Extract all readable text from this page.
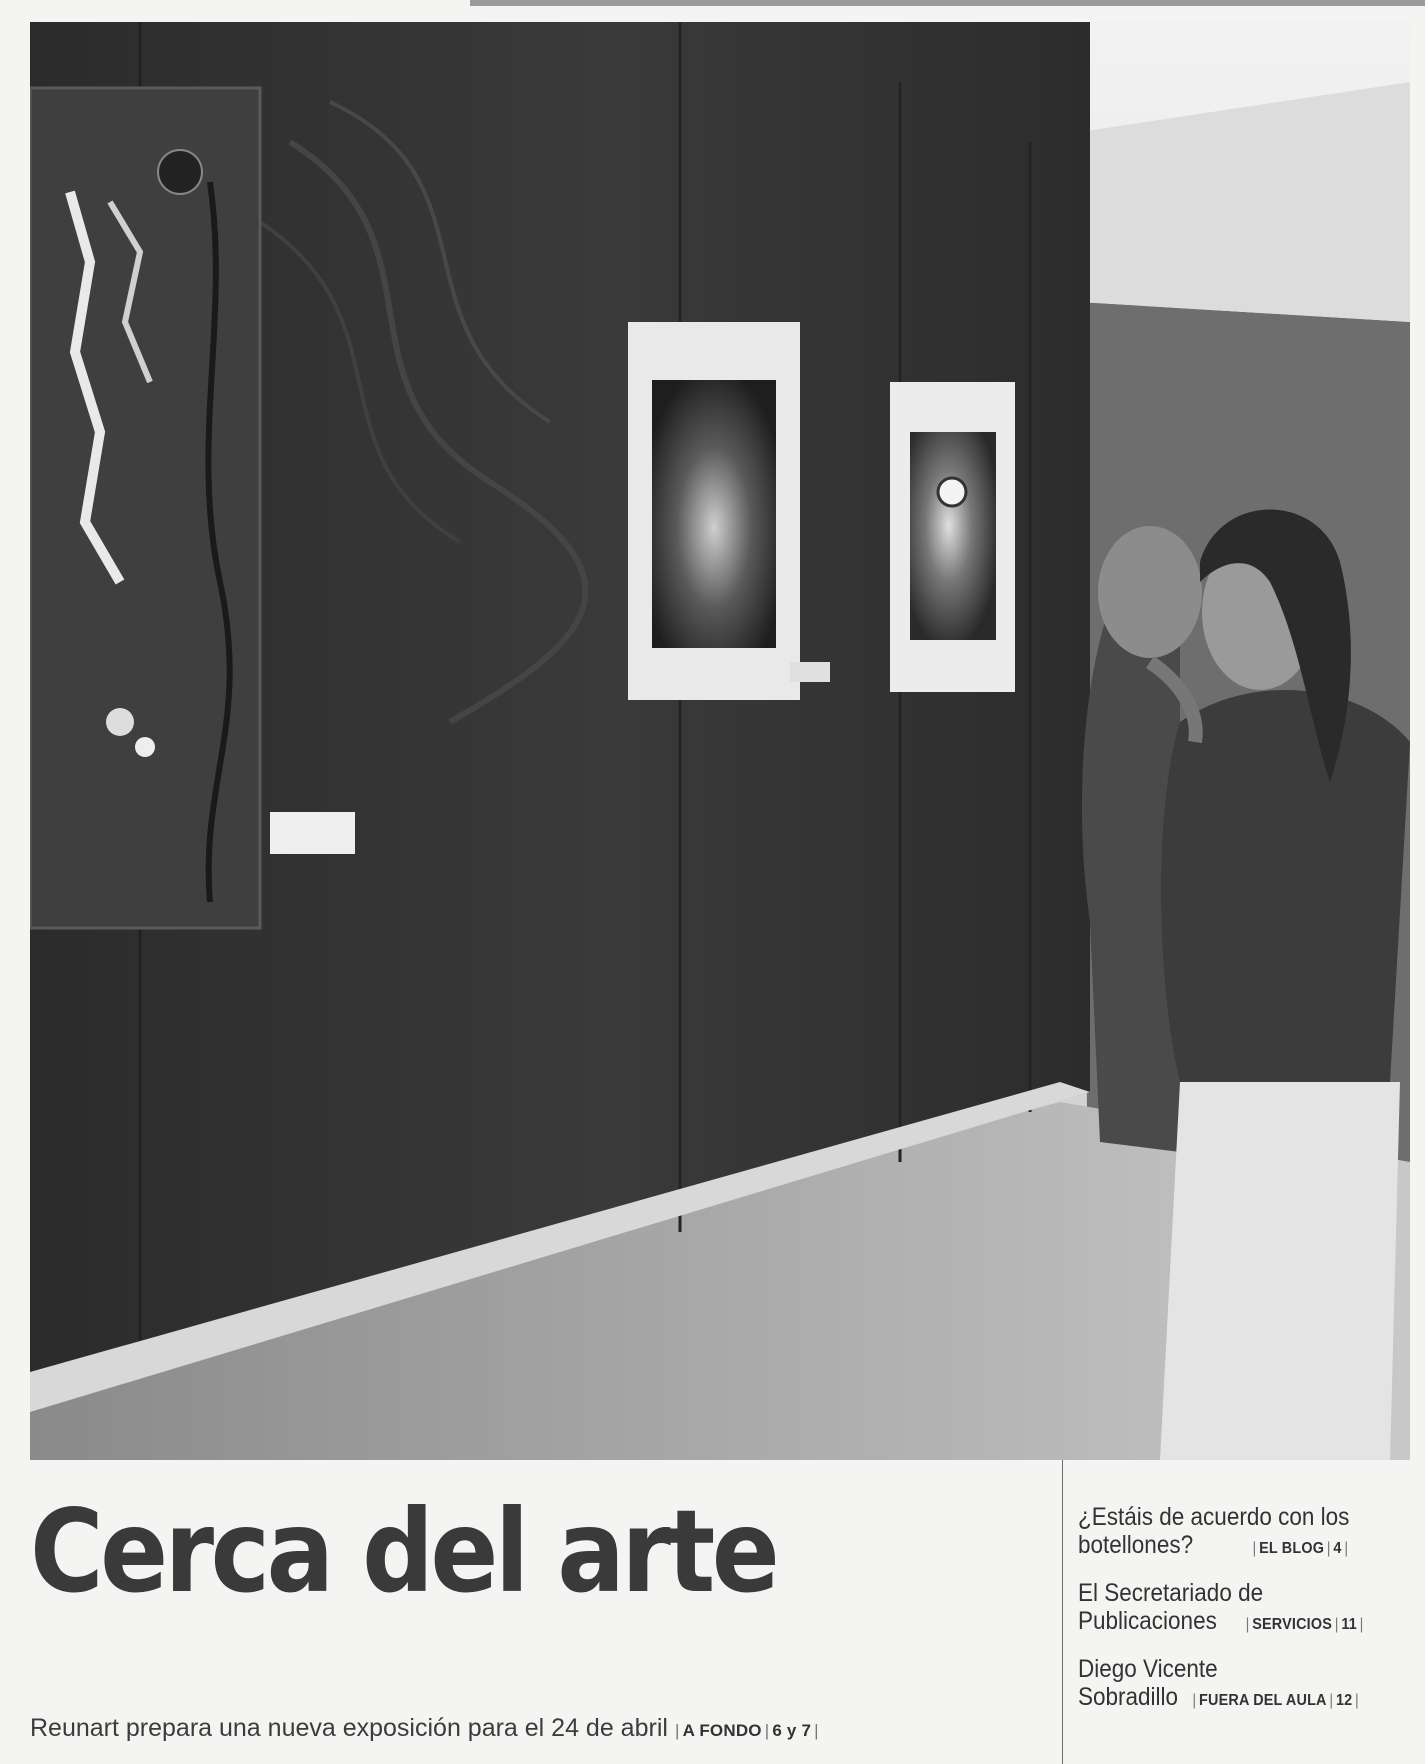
Cerca del arte

Reunart prepara una nueva exposición para el 24 de abril | A FONDO | 6 y 7 |

¿Estáis de acuerdo con los
botellones?	| EL BLOG | 4 |
El Secretariado de
Publicaciones | SERVICIOS | 11 |
Diego Vicente
Sobradillo | FUERA DEL AULA | 12 |
